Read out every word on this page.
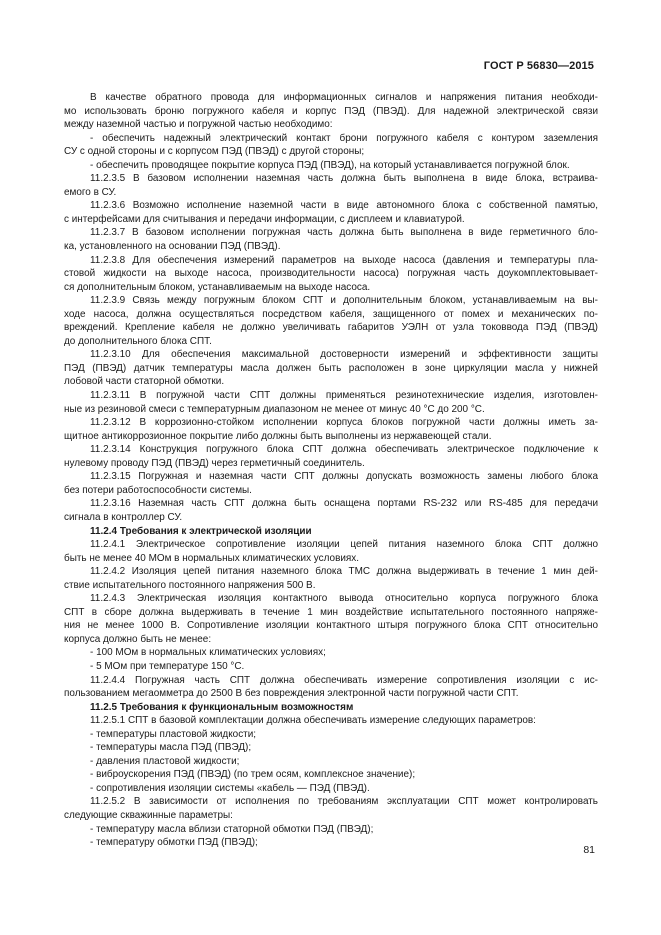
ГОСТ Р 56830—2015
В качестве обратного провода для информационных сигналов и напряжения питания необходи-
мо использовать броню погружного кабеля и корпус ПЭД (ПВЭД). Для надежной электрической связи
между наземной частью и погружной частью необходимо:
- обеспечить надежный электрический контакт брони погружного кабеля с контуром заземления
СУ с одной стороны и с корпусом ПЭД (ПВЭД) с другой стороны;
- обеспечить проводящее покрытие корпуса ПЭД (ПВЭД), на который устанавливается погружной блок.
11.2.3.5 В базовом исполнении наземная часть должна быть выполнена в виде блока, встраива-
емого в СУ.
11.2.3.6 Возможно исполнение наземной части в виде автономного блока с собственной памятью,
с интерфейсами для считывания и передачи информации, с дисплеем и клавиатурой.
11.2.3.7 В базовом исполнении погружная часть должна быть выполнена в виде герметичного бло-
ка, установленного на основании ПЭД (ПВЭД).
11.2.3.8 Для обеспечения измерений параметров на выходе насоса (давления и температуры пла-
стовой жидкости на выходе насоса, производительности насоса) погружная часть доукомплектовывает-
ся дополнительным блоком, устанавливаемым на выходе насоса.
11.2.3.9 Связь между погружным блоком СПТ и дополнительным блоком, устанавливаемым на вы-
ходе насоса, должна осуществляться посредством кабеля, защищенного от помех и механических по-
вреждений. Крепление кабеля не должно увеличивать габаритов УЭЛН от узла токоввода ПЭД (ПВЭД)
до дополнительного блока СПТ.
11.2.3.10 Для обеспечения максимальной достоверности измерений и эффективности защиты
ПЭД (ПВЭД) датчик температуры масла должен быть расположен в зоне циркуляции масла у нижней
лобовой части статорной обмотки.
11.2.3.11 В погружной части СПТ должны применяться резинотехнические изделия, изготовлен-
ные из резиновой смеси с температурным диапазоном не менее от минус 40 °С до 200 °С.
11.2.3.12 В коррозионно-стойком исполнении корпуса блоков погружной части должны иметь за-
щитное антикоррозионное покрытие либо должны быть выполнены из нержавеющей стали.
11.2.3.14 Конструкция погружного блока СПТ должна обеспечивать электрическое подключение к
нулевому проводу ПЭД (ПВЭД) через герметичный соединитель.
11.2.3.15 Погружная и наземная части СПТ должны допускать возможность замены любого блока
без потери работоспособности системы.
11.2.3.16 Наземная часть СПТ должна быть оснащена портами RS-232 или RS-485 для передачи
сигнала в контроллер СУ.
11.2.4 Требования к электрической изоляции
11.2.4.1 Электрическое сопротивление изоляции цепей питания наземного блока СПТ должно
быть не менее 40 МОм в нормальных климатических условиях.
11.2.4.2 Изоляция цепей питания наземного блока ТМС должна выдерживать в течение 1 мин дей-
ствие испытательного постоянного напряжения 500 В.
11.2.4.3 Электрическая изоляция контактного вывода относительно корпуса погружного блока
СПТ в сборе должна выдерживать в течение 1 мин воздействие испытательного постоянного напряже-
ния не менее 1000 В. Сопротивление изоляции контактного штыря погружного блока СПТ относительно
корпуса должно быть не менее:
- 100 МОм в нормальных климатических условиях;
- 5 МОм при температуре 150 °С.
11.2.4.4 Погружная часть СПТ должна обеспечивать измерение сопротивления изоляции с ис-
пользованием мегаомметра до 2500 В без повреждения электронной части погружной части СПТ.
11.2.5 Требования к функциональным возможностям
11.2.5.1 СПТ в базовой комплектации должна обеспечивать измерение следующих параметров:
- температуры пластовой жидкости;
- температуры масла ПЭД (ПВЭД);
- давления пластовой жидкости;
- виброускорения ПЭД (ПВЭД) (по трем осям, комплексное значение);
- сопротивления изоляции системы «кабель — ПЭД (ПВЭД).
11.2.5.2 В зависимости от исполнения по требованиям эксплуатации СПТ может контролировать
следующие скважинные параметры:
- температуру масла вблизи статорной обмотки ПЭД (ПВЭД);
- температуру обмотки ПЭД (ПВЭД);
81
